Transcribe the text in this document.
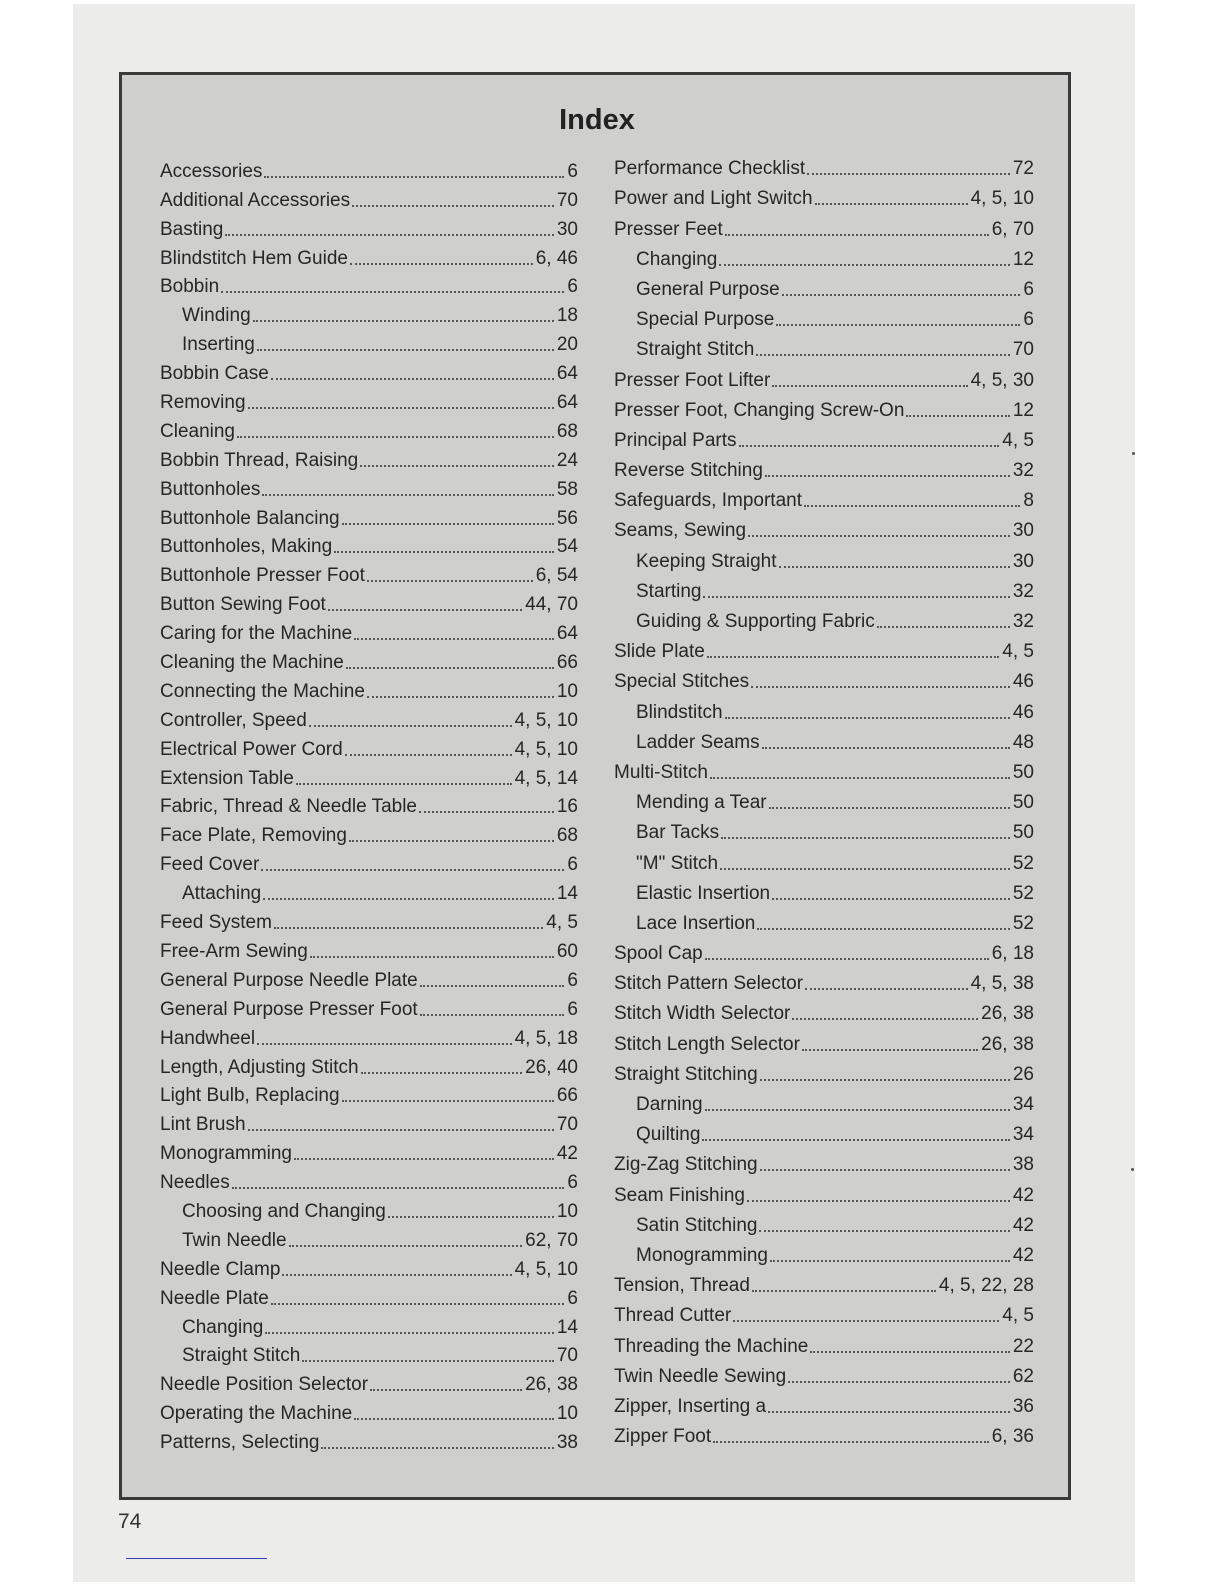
Index
Accessories	6
Additional Accessories	70
Basting	30
Blindstitch Hem Guide	6, 46
Bobbin	6
Winding	18
Inserting	20
Bobbin Case	64
Removing	64
Cleaning	68
Bobbin Thread, Raising	24
Buttonholes	58
Buttonhole Balancing	56
Buttonholes, Making	54
Buttonhole Presser Foot	6, 54
Button Sewing Foot	44, 70
Caring for the Machine	64
Cleaning the Machine	66
Connecting the Machine	10
Controller, Speed	4, 5, 10
Electrical Power Cord	4, 5, 10
Extension Table	4, 5, 14
Fabric, Thread & Needle Table	16
Face Plate, Removing	68
Feed Cover	6
Attaching	14
Feed System	4, 5
Free-Arm Sewing	60
General Purpose Needle Plate	6
General Purpose Presser Foot	6
Handwheel	4, 5, 18
Length, Adjusting Stitch	26, 40
Light Bulb, Replacing	66
Lint Brush	70
Monogramming	42
Needles	6
Choosing and Changing	10
Twin Needle	62, 70
Needle Clamp	4, 5, 10
Needle Plate	6
Changing	14
Straight Stitch	70
Needle Position Selector	26, 38
Operating the Machine	10
Patterns, Selecting	38
Performance Checklist	72
Power and Light Switch	4, 5, 10
Presser Feet	6, 70
Changing	12
General Purpose	6
Special Purpose	6
Straight Stitch	70
Presser Foot Lifter	4, 5, 30
Presser Foot, Changing Screw-On	12
Principal Parts	4, 5
Reverse Stitching	32
Safeguards, Important	8
Seams, Sewing	30
Keeping Straight	30
Starting	32
Guiding & Supporting Fabric	32
Slide Plate	4, 5
Special Stitches	46
Blindstitch	46
Ladder Seams	48
Multi-Stitch	50
Mending a Tear	50
Bar Tacks	50
"M" Stitch	52
Elastic Insertion	52
Lace Insertion	52
Spool Cap	6, 18
Stitch Pattern Selector	4, 5, 38
Stitch Width Selector	26, 38
Stitch Length Selector	26, 38
Straight Stitching	26
Darning	34
Quilting	34
Zig-Zag Stitching	38
Seam Finishing	42
Satin Stitching	42
Monogramming	42
Tension, Thread	4, 5, 22, 28
Thread Cutter	4, 5
Threading the Machine	22
Twin Needle Sewing	62
Zipper, Inserting a	36
Zipper Foot	6, 36
74
